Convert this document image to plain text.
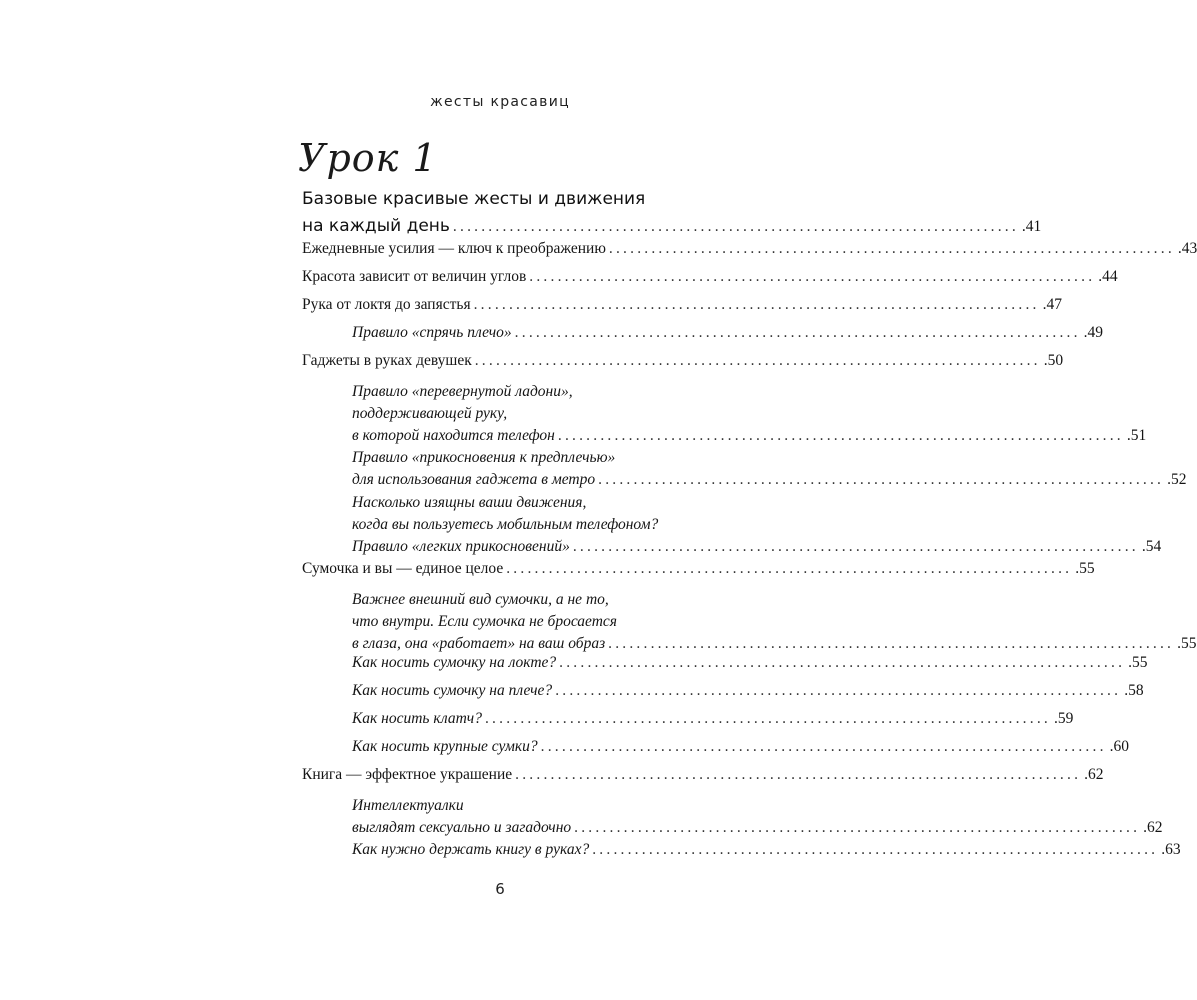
жесты красавиц
Урок 1
Базовые красивые жесты и движения
на каждый день ................................................................................ .41
Ежедневные усилия — ключ к преображению ................................................................................ .43
Красота зависит от величин углов ................................................................................ .44
Рука от локтя до запястья ................................................................................ .47
Правило «спрячь плечо» ................................................................................ .49
Гаджеты в руках девушек ................................................................................ .50
Правило «перевернутой ладони»,
поддерживающей руку,
в которой находится телефон ................................................................................ .51
Правило «прикосновения к предплечью»
для использования гаджета в метро ................................................................................ .52
Насколько изящны ваши движения,
когда вы пользуетесь мобильным телефоном?
Правило «легких прикосновений» ................................................................................ .54
Сумочка и вы — единое целое ................................................................................ .55
Важнее внешний вид сумочки, а не то,
что внутри. Если сумочка не бросается
в глаза, она «работает» на ваш образ ................................................................................ .55
Как носить сумочку на локте? ................................................................................ .55
Как носить сумочку на плече? ................................................................................ .58
Как носить клатч? ................................................................................ .59
Как носить крупные сумки? ................................................................................ .60
Книга — эффектное украшение ................................................................................ .62
Интеллектуалки
выглядят сексуально и загадочно ................................................................................ .62
Как нужно держать книгу в руках? ................................................................................ .63
6
